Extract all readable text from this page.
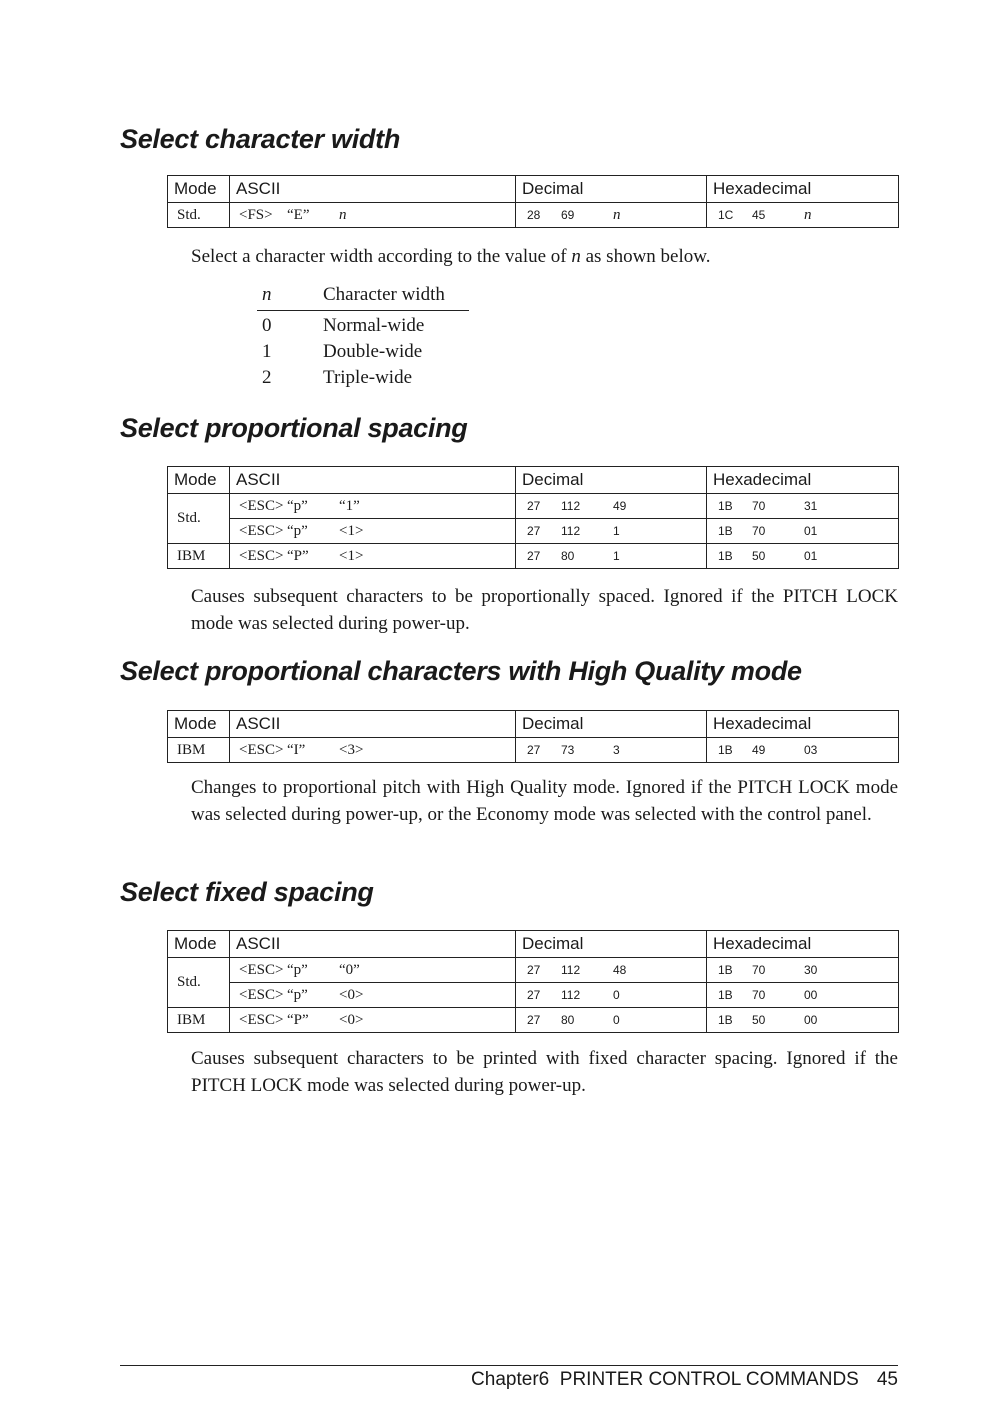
Select character width
Mode	ASCII	Decimal	Hexadecimal
Std.	<FS> “E” n	28 69 n	1C 45 n

Select a character width according to the value of n as shown below.

n	Character width
0	Normal-wide
1	Double-wide
2	Triple-wide
Select proportional spacing
Mode	ASCII	Decimal	Hexadecimal
Std.	<ESC> “p” “1”	27 112 49	1B 70 31
	<ESC> “p” <1>	27 112 1	1B 70 01
IBM	<ESC> “P” <1>	27 80 1	1B 50 01

Causes subsequent characters to be proportionally spaced. Ignored if the PITCH LOCK mode was selected during power-up.

Select proportional characters with High Quality mode
Mode	ASCII	Decimal	Hexadecimal
IBM	<ESC> “I” <3>	27 73 3	1B 49 03

Changes to proportional pitch with High Quality mode. Ignored if the PITCH LOCK mode was selected during power-up, or the Economy mode was selected with the control panel.

Select fixed spacing
Mode	ASCII	Decimal	Hexadecimal
Std.	<ESC> “p” “0”	27 112 48	1B 70 30
	<ESC> “p” <0>	27 112 0	1B 70 00
IBM	<ESC> “P” <0>	27 80 0	1B 50 00

Causes subsequent characters to be printed with fixed character spacing. Ignored if the PITCH LOCK mode was selected during power-up.

Chapter6  PRINTER CONTROL COMMANDS 45
